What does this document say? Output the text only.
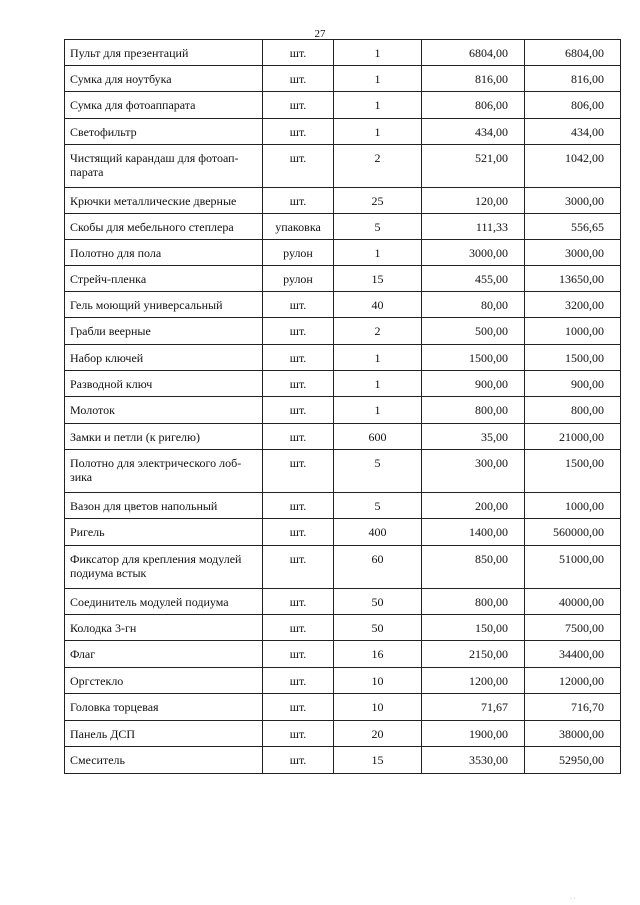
27
Пульт для презентаций	шт.	1	6804,00	6804,00
Сумка для ноутбука	шт.	1	816,00	816,00
Сумка для фотоаппарата	шт.	1	806,00	806,00
Светофильтр	шт.	1	434,00	434,00
Чистящий карандаш для фотоап-
парата	шт.	2	521,00	1042,00
Крючки металлические дверные	шт.	25	120,00	3000,00
Скобы для мебельного степлера	упаковка	5	111,33	556,65
Полотно для пола	рулон	1	3000,00	3000,00
Стрейч-пленка	рулон	15	455,00	13650,00
Гель моющий универсальный	шт.	40	80,00	3200,00
Грабли веерные	шт.	2	500,00	1000,00
Набор ключей	шт.	1	1500,00	1500,00
Разводной ключ	шт.	1	900,00	900,00
Молоток	шт.	1	800,00	800,00
Замки и петли (к ригелю)	шт.	600	35,00	21000,00
Полотно для электрического лоб-
зика	шт.	5	300,00	1500,00
Вазон для цветов напольный	шт.	5	200,00	1000,00
Ригель	шт.	400	1400,00	560000,00
Фиксатор для крепления модулей
подиума встык	шт.	60	850,00	51000,00
Соединитель модулей подиума	шт.	50	800,00	40000,00
Колодка 3-гн	шт.	50	150,00	7500,00
Флаг	шт.	16	2150,00	34400,00
Оргстекло	шт.	10	1200,00	12000,00
Головка торцевая	шт.	10	71,67	716,70
Панель ДСП	шт.	20	1900,00	38000,00
Смеситель	шт.	15	3530,00	52950,00
· ·
